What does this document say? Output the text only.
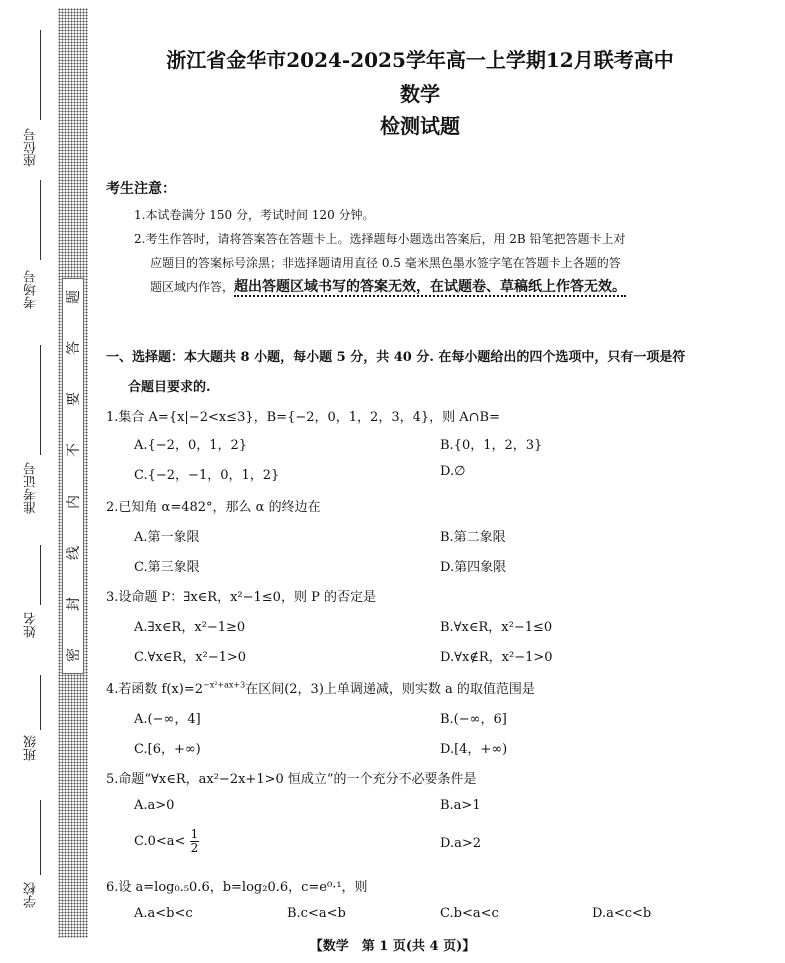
座位号
考场号
准考证号
姓名
班级
学校
题
答
要
不
内
线
封
密
浙江省金华市2024-2025学年高一上学期12月联考高中
数学
检测试题
考生注意：
1.本试卷满分 150 分，考试时间 120 分钟。
2.考生作答时，请将答案答在答题卡上。选择题每小题选出答案后，用 2B 铅笔把答题卡上对
应题目的答案标号涂黑；非选择题请用直径 0.5 毫米黑色墨水签字笔在答题卡上各题的答
题区域内作答，超出答题区域书写的答案无效，在试题卷、草稿纸上作答无效。
一、选择题：本大题共 8 小题，每小题 5 分，共 40 分. 在每小题给出的四个选项中，只有一项是符
合题目要求的.
1.集合 A={x|−2<x≤3}，B={−2，0，1，2，3，4}，则 A∩B=
A.{−2，0，1，2}	B.{0，1，2，3}
C.{−2，−1，0，1，2}	D.∅
2.已知角 α=482°，那么 α 的终边在
A.第一象限	B.第二象限
C.第三象限	D.第四象限
3.设命题 P：∃x∈R，x²−1≤0，则 P 的否定是
A.∃x∈R，x²−1≥0	B.∀x∈R，x²−1≤0
C.∀x∈R，x²−1>0	D.∀x∉R，x²−1>0
4.若函数 $f(x)=2^{-x^2+ax+3}$在区间(2，3)上单调递减，则实数 a 的取值范围是
A.(−∞，4]	B.(−∞，6]
C.[6，+∞)	D.[4，+∞)
5.命题“∀x∈R，ax²−2x+1>0 恒成立”的一个充分不必要条件是
A.a>0	B.a>1
$C.0<a< \frac{1}{2}$	D.a>2
6.设 a=log₀.₅0.6，b=log₂0.6，c=e⁰·¹，则
A.a<b<c	B.c<a<b	C.b<a<c	D.a<c<b
【数学　第 1 页(共 4 页)】
